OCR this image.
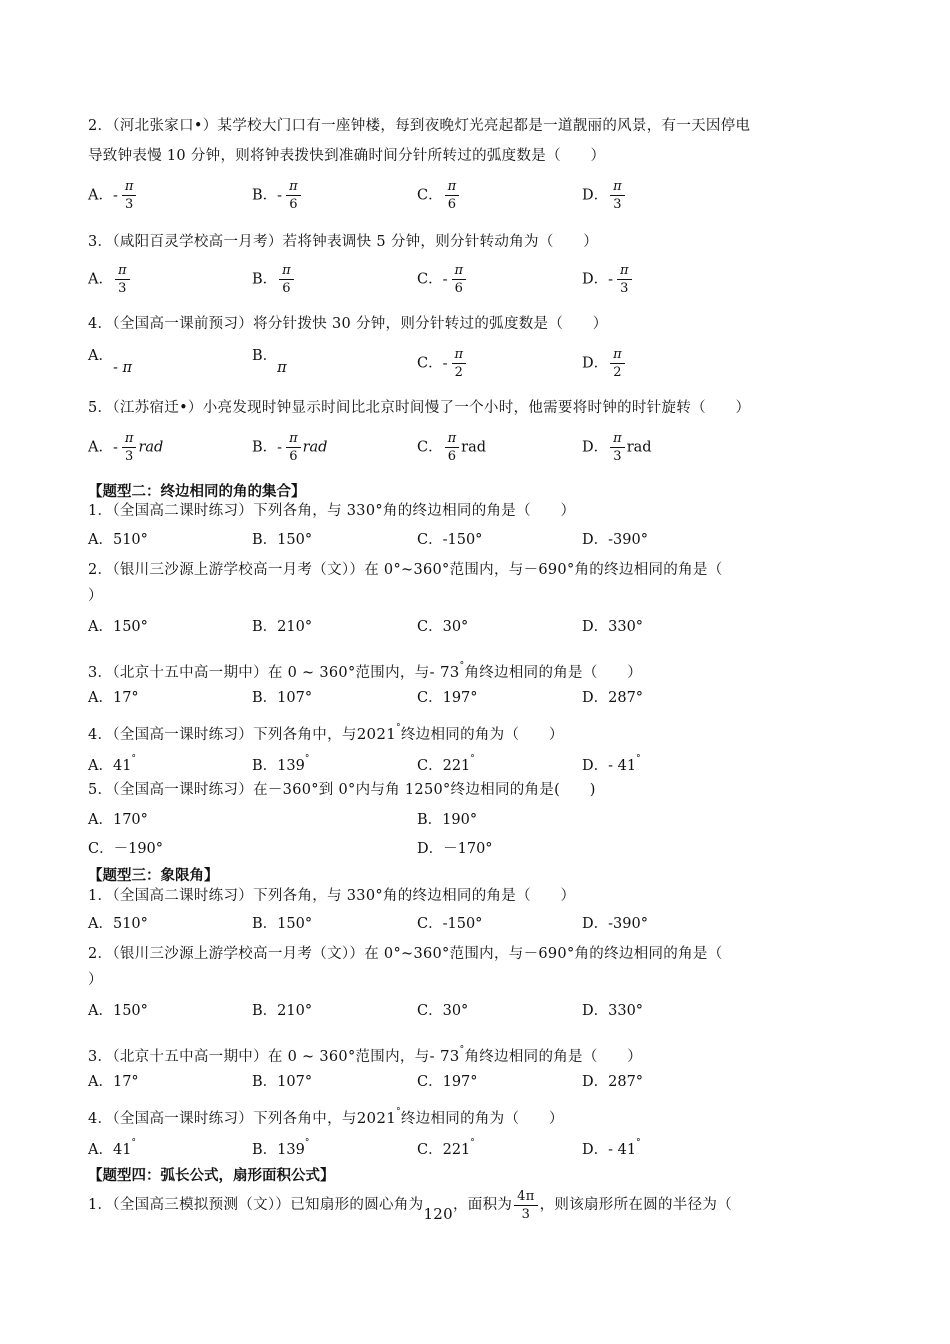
2．（河北张家口•）某学校大门口有一座钟楼，每到夜晚灯光亮起都是一道靓丽的风景，有一天因停电
导致钟表慢 10 分钟，则将钟表拨快到准确时间分针所转过的弧度数是（　　）
A．- $\frac{\pi}{3}$	B．- $\frac{\pi}{6}$	C． $\frac{\pi}{6}$	D． $\frac{\pi}{3}$
3．（咸阳百灵学校高一月考）若将钟表调快 5 分钟，则分针转动角为（　　）
A． $\frac{\pi}{3}$	B． $\frac{\pi}{6}$	C．- $\frac{\pi}{6}$	D．- $\frac{\pi}{3}$
4．（全国高一课前预习）将分针拨快 30 分钟，则分针转过的弧度数是（　　）
A．- π
B．π	C．- $\frac{\pi}{2}$	D． $\frac{\pi}{2}$
5．（江苏宿迁•）小亮发现时钟显示时间比北京时间慢了一个小时，他需要将时钟的时针旋转（　　）
A．- $\frac{\pi}{3}$ rad	B．- $\frac{\pi}{6}$ rad	C． $\frac{\pi}{6}$ rad	D． $\frac{\pi}{3}$ rad
【题型二：终边相同的角的集合】
1．（全国高二课时练习）下列各角，与 330°角的终边相同的角是（　　）
A．510°	B．150°	C．-150°	D．-390°
2．（银川三沙源上游学校高一月考（文））在 0°~360°范围内，与－690°角的终边相同的角是（
）
A．150°	B．210°	C．30°	D．330°
3．（北京十五中高一期中）在 0 ~ 360°范围内，与- 73°角终边相同的角是（　　）
A．17°	B．107°	C．197°	D．287°
4．（全国高一课时练习）下列各角中，与2021°终边相同的角为（　　）
A．41°	B．139°	C．221°	D．- 41°
5．（全国高一课时练习）在－360°到 0°内与角 1250°终边相同的角是(　　)
A．170°	B．190°
C．－190°	D．－170°
【题型三：象限角】
1．（全国高二课时练习）下列各角，与 330°角的终边相同的角是（　　）
A．510°	B．150°	C．-150°	D．-390°
2．（银川三沙源上游学校高一月考（文））在 0°~360°范围内，与－690°角的终边相同的角是（
）
A．150°	B．210°	C．30°	D．330°
3．（北京十五中高一期中）在 0 ~ 360°范围内，与- 73°角终边相同的角是（　　）
A．17°	B．107°	C．197°	D．287°
4．（全国高一课时练习）下列各角中，与2021°终边相同的角为（　　）
A．41°	B．139°	C．221°	D．- 41°
【题型四：弧长公式，扇形面积公式】
1．（全国高三模拟预测（文））已知扇形的圆心角为120，面积为 $\frac{4\pi}{3}$ ，则该扇形所在圆的半径为（
